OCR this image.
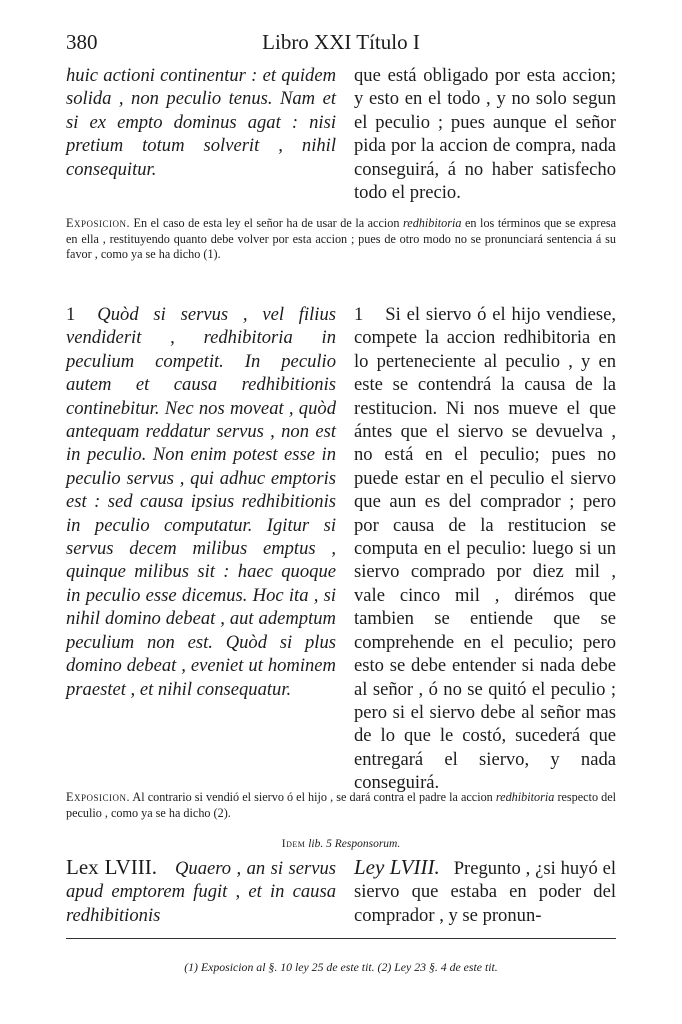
380	Libro XXI Título I

huic actioni continentur : et quidem solida , non peculio tenus. Nam et si ex empto dominus agat : nisi pretium totum solverit , nihil consequitur.

que está obligado por esta accion; y esto en el todo , y no solo segun el peculio ; pues aunque el señor pida por la accion de compra, nada conseguirá, á no haber satisfecho todo el precio.

Exposicion. En el caso de esta ley el señor ha de usar de la accion redhibitoria en los términos que se expresa en ella , restituyendo quanto debe volver por esta accion ; pues de otro modo no se pronunciará sentencia á su favor , como ya se ha dicho (1).

1 Quòd si servus , vel filius vendiderit , redhibitoria in peculium competit. In peculio autem et causa redhibitionis continebitur. Nec nos moveat , quòd antequam reddatur servus , non est in peculio. Non enim potest esse in peculio servus , qui adhuc emptoris est : sed causa ipsius redhibitionis in peculio computatur. Igitur si servus decem milibus emptus , quinque milibus sit : haec quoque in peculio esse dicemus. Hoc ita , si nihil domino debeat , aut ademptum peculium non est. Quòd si plus domino debeat , eveniet ut hominem praestet , et nihil consequatur.

1 Si el siervo ó el hijo vendiese, compete la accion redhibitoria en lo perteneciente al peculio , y en este se contendrá la causa de la restitucion. Ni nos mueve el que ántes que el siervo se devuelva , no está en el peculio; pues no puede estar en el peculio el siervo que aun es del comprador ; pero por causa de la restitucion se computa en el peculio: luego si un siervo comprado por diez mil , vale cinco mil , dirémos que tambien se entiende que se comprehende en el peculio; pero esto se debe entender si nada debe al señor , ó no se quitó el peculio ; pero si el siervo debe al señor mas de lo que le costó, sucederá que entregará el siervo, y nada conseguirá.

Exposicion. Al contrario si vendió el siervo ó el hijo , se dará contra el padre la accion redhibitoria respecto del peculio , como ya se ha dicho (2).

Idem lib. 5 Responsorum.

Lex LVIII. Quaero , an si servus apud emptorem fugit , et in causa redhibitionis

Ley LVIII. Pregunto , ¿si huyó el siervo que estaba en poder del comprador , y se pronun-

(1) Exposicion al §. 10 ley 25 de este tit. (2) Ley 23 §. 4 de este tit.
